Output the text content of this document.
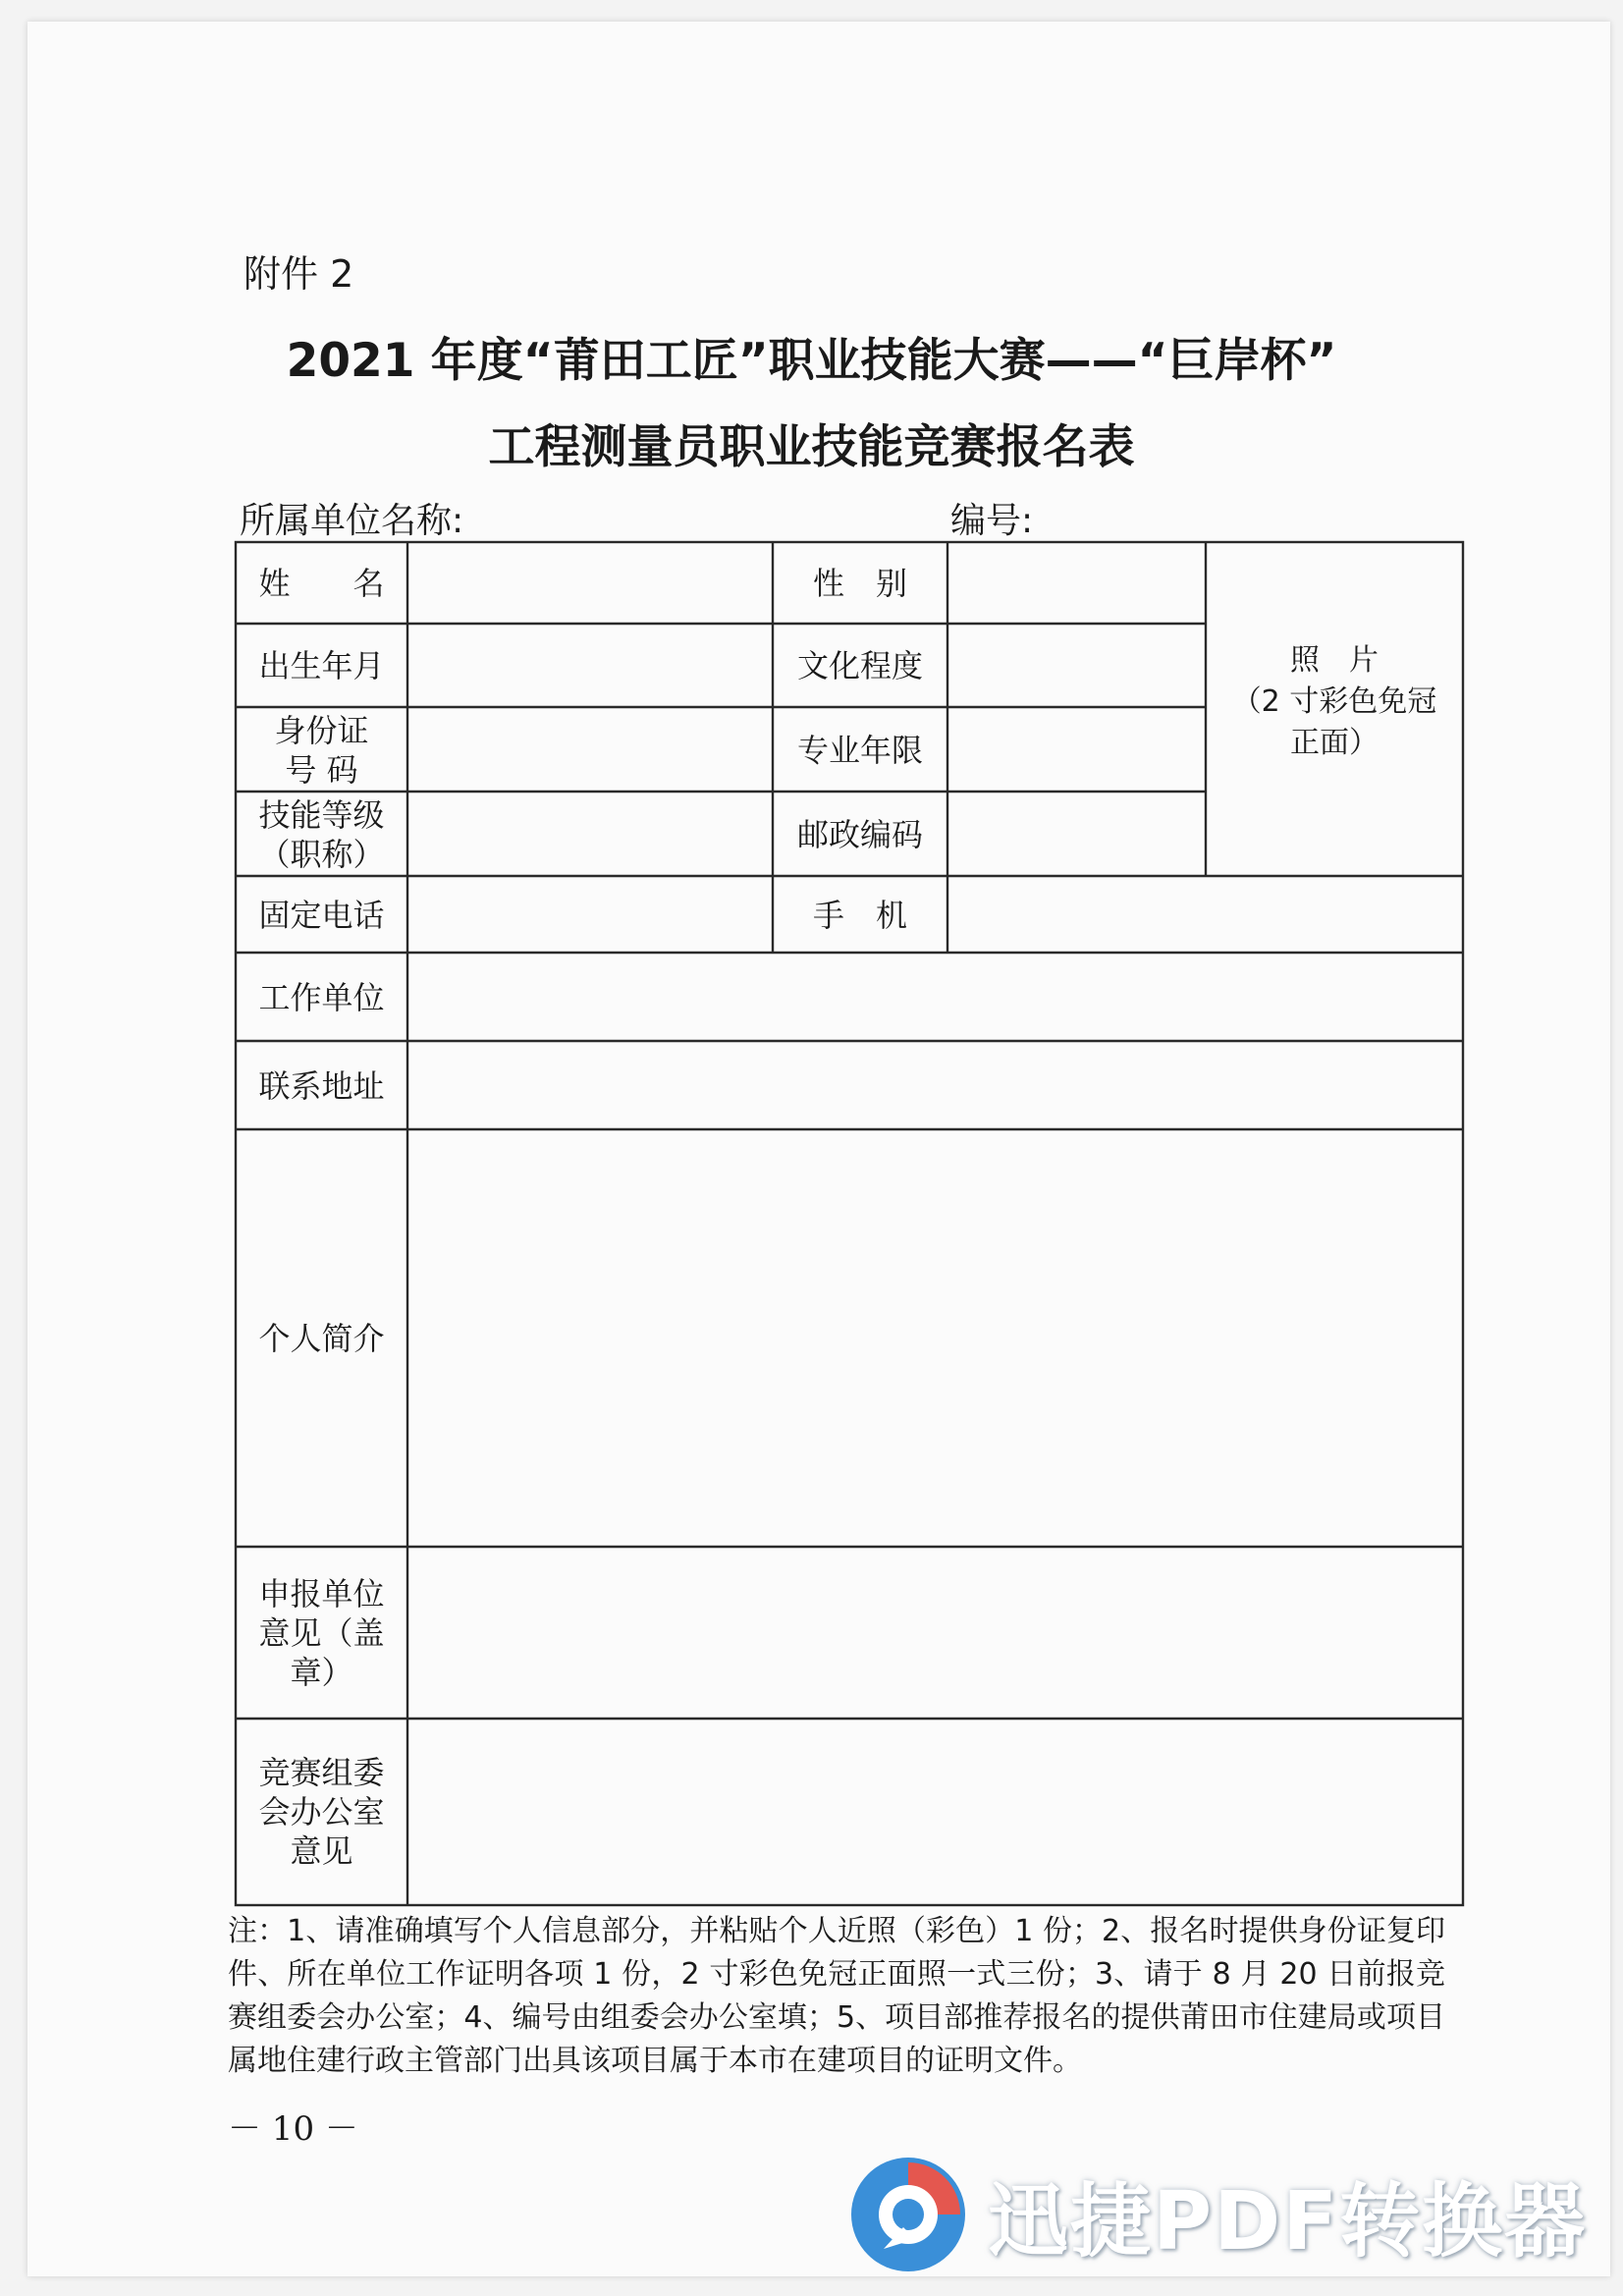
附件 2
2021 年度“莆田工匠”职业技能大赛——“巨岸杯”
工程测量员职业技能竞赛报名表
所属单位名称:	编号:
姓　　名
出生年月
身份证
号 码
技能等级
（职称）
固定电话
工作单位
联系地址
个人简介
申报单位
意见（盖
章）
竞赛组委
会办公室
意见
性　别
文化程度
专业年限
邮政编码
手　机
照　片
（2 寸彩色免冠
正面）
注：1、请准确填写个人信息部分，并粘贴个人近照（彩色）1 份；2、报名时提供身份证复印件、所在单位工作证明各项 1 份，2 寸彩色免冠正面照一式三份；3、请于 8 月 20 日前报竞赛组委会办公室；4、编号由组委会办公室填；5、项目部推荐报名的提供莆田市住建局或项目属地住建行政主管部门出具该项目属于本市在建项目的证明文件。
－ 10 －
迅捷PDF转换器
